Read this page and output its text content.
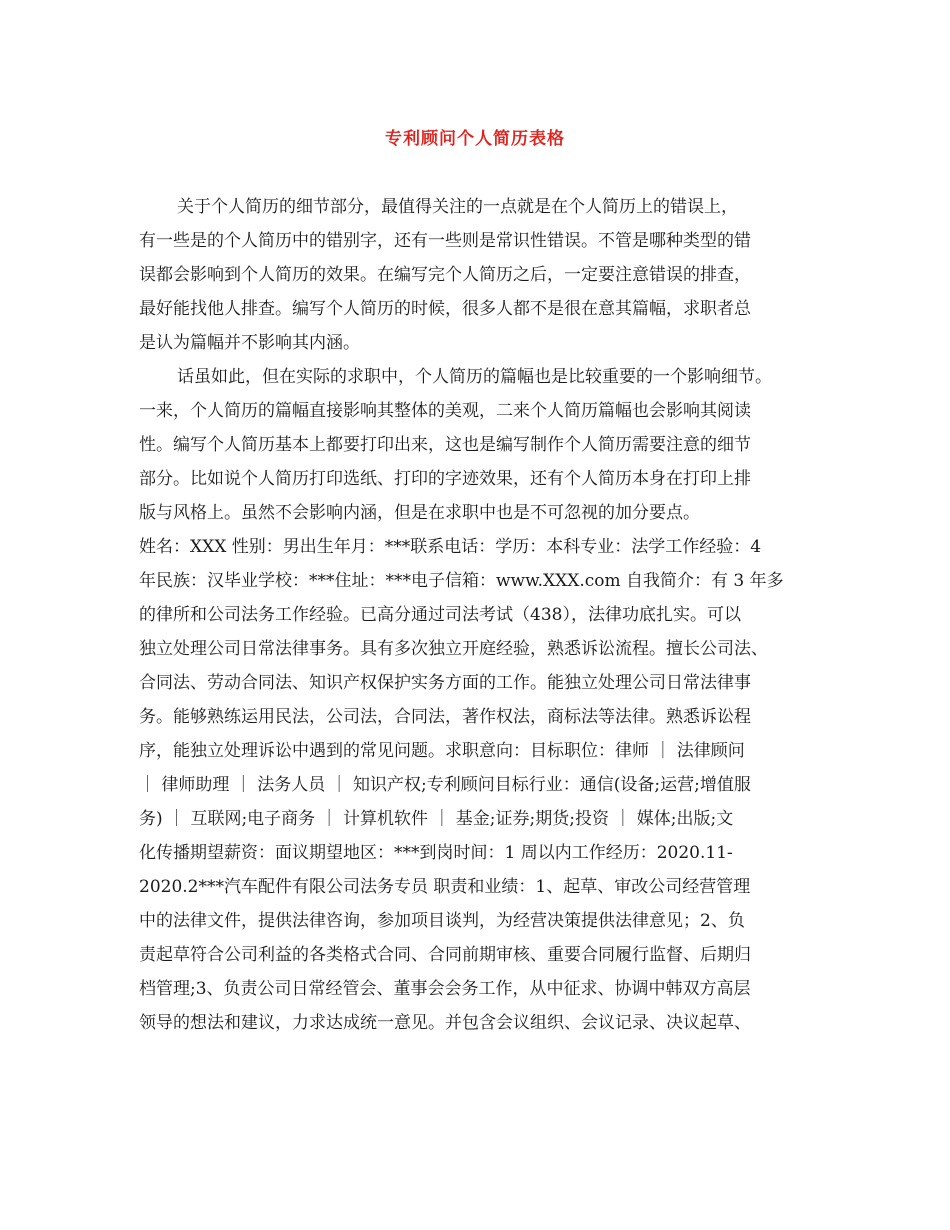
专利顾问个人简历表格
关于个人简历的细节部分，最值得关注的一点就是在个人简历上的错误上，
有一些是的个人简历中的错别字，还有一些则是常识性错误。不管是哪种类型的错
误都会影响到个人简历的效果。在编写完个人简历之后，一定要注意错误的排查，
最好能找他人排查。编写个人简历的时候，很多人都不是很在意其篇幅，求职者总
是认为篇幅并不影响其内涵。
话虽如此，但在实际的求职中，个人简历的篇幅也是比较重要的一个影响细节。
一来，个人简历的篇幅直接影响其整体的美观，二来个人简历篇幅也会影响其阅读
性。编写个人简历基本上都要打印出来，这也是编写制作个人简历需要注意的细节
部分。比如说个人简历打印选纸、打印的字迹效果，还有个人简历本身在打印上排
版与风格上。虽然不会影响内涵，但是在求职中也是不可忽视的加分要点。
姓名：XXX 性别：男出生年月：***联系电话：学历：本科专业：法学工作经验：4
年民族：汉毕业学校：***住址：***电子信箱：www.XXX.com 自我简介：有 3 年多
的律所和公司法务工作经验。已高分通过司法考试（438），法律功底扎实。可以
独立处理公司日常法律事务。具有多次独立开庭经验，熟悉诉讼流程。擅长公司法、
合同法、劳动合同法、知识产权保护实务方面的工作。能独立处理公司日常法律事
务。能够熟练运用民法，公司法，合同法，著作权法，商标法等法律。熟悉诉讼程
序，能独立处理诉讼中遇到的常见问题。求职意向：目标职位：律师 ｜ 法律顾问
｜ 律师助理 ｜ 法务人员 ｜ 知识产权;专利顾问目标行业：通信(设备;运营;增值服
务) ｜ 互联网;电子商务 ｜ 计算机软件 ｜ 基金;证券;期货;投资 ｜ 媒体;出版;文
化传播期望薪资：面议期望地区：***到岗时间：1 周以内工作经历：2020.11-
2020.2***汽车配件有限公司法务专员 职责和业绩：1、起草、审改公司经营管理
中的法律文件，提供法律咨询，参加项目谈判，为经营决策提供法律意见；2、负
责起草符合公司利益的各类格式合同、合同前期审核、重要合同履行监督、后期归
档管理;3、负责公司日常经管会、董事会会务工作，从中征求、协调中韩双方高层
领导的想法和建议，力求达成统一意见。并包含会议组织、会议记录、决议起草、
